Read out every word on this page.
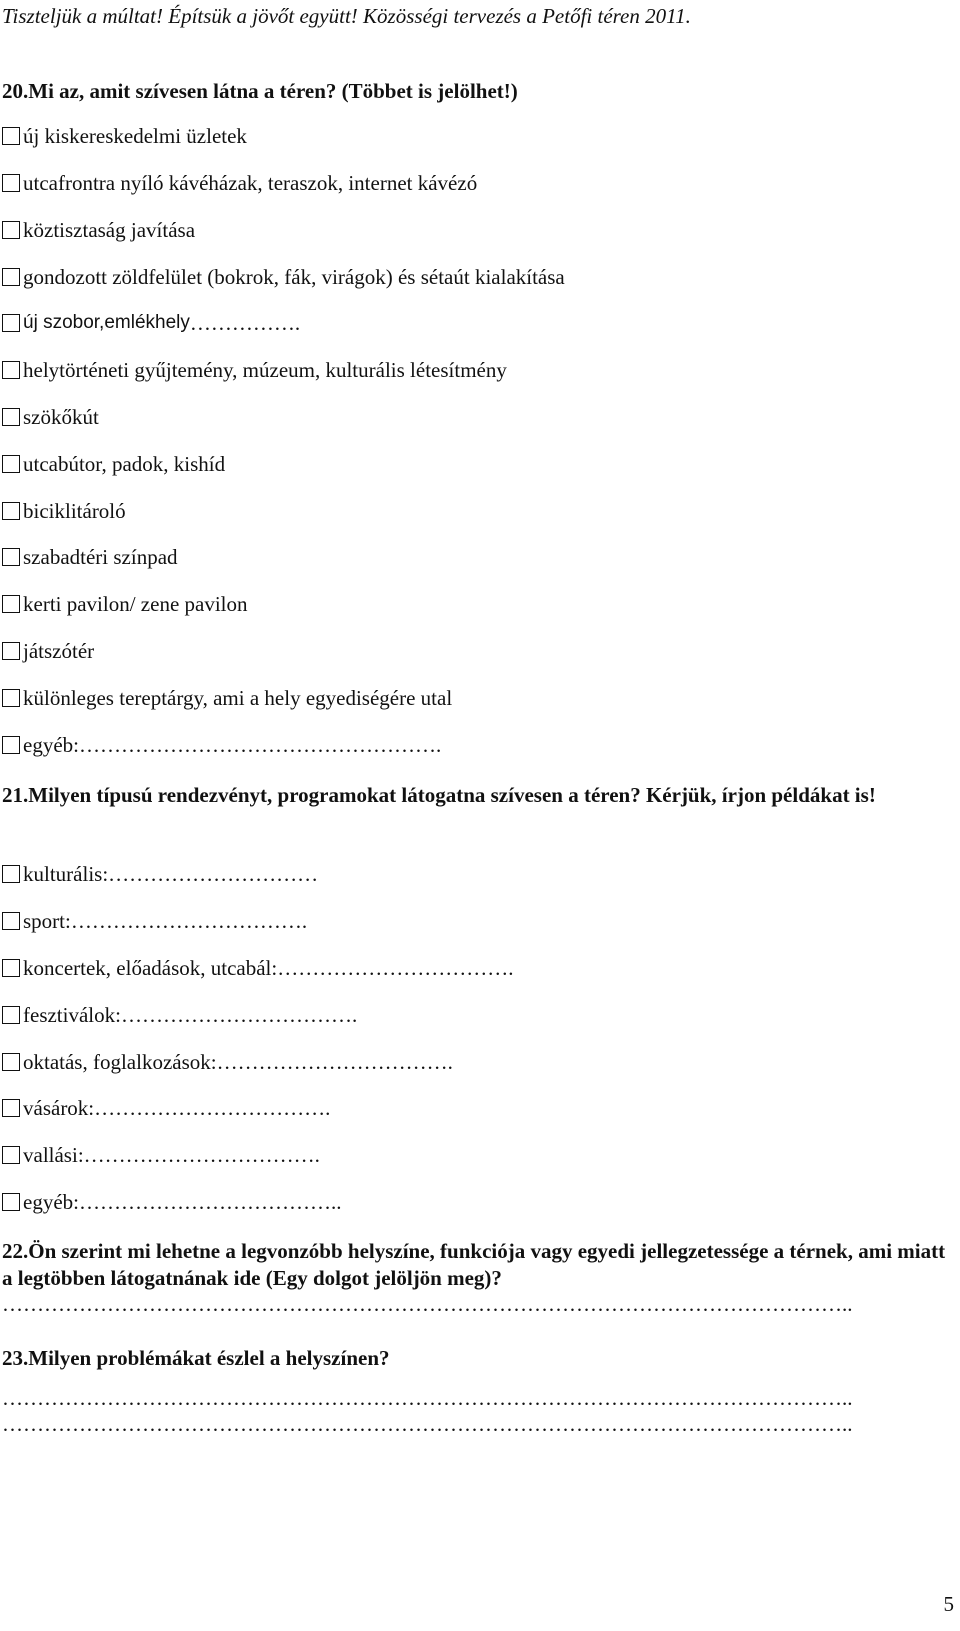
Tiszteljük a múltat! Építsük a jövőt együtt! Közösségi tervezés a Petőfi téren 2011.
20.Mi az, amit szívesen látna a téren? (Többet is jelölhet!)
új kiskereskedelmi üzletek
utcafrontra nyíló kávéházak, teraszok, internet kávézó
köztisztaság javítása
gondozott zöldfelület (bokrok, fák, virágok) és sétaút kialakítása
új szobor,emlékhely …………….
helytörténeti gyűjtemény, múzeum, kulturális létesítmény
szökőkút
utcabútor, padok, kishíd
biciklitároló
szabadtéri színpad
kerti pavilon/ zene pavilon
játszótér
különleges tereptárgy, ami a hely egyediségére utal
egyéb:…………………………………………….
21.Milyen típusú rendezvényt, programokat látogatna szívesen a téren? Kérjük, írjon példákat is!
kulturális:…………………………
sport:…………………………….
koncertek, előadások, utcabál:…………………………….
fesztiválok:…………………………….
oktatás, foglalkozások:…………………………….
vásárok:…………………………….
vallási:…………………………….
egyéb:………………………………..
22.Ön szerint mi lehetne a legvonzóbb helyszíne, funkciója vagy egyedi jellegzetessége a térnek, ami miatt a legtöbben látogatnának ide (Egy dolgot jelöljön meg)?
…………………………………………………………………………………………………………..
23.Milyen problémákat észlel a helyszínen?
…………………………………………………………………………………………………………..
…………………………………………………………………………………………………………..
5
